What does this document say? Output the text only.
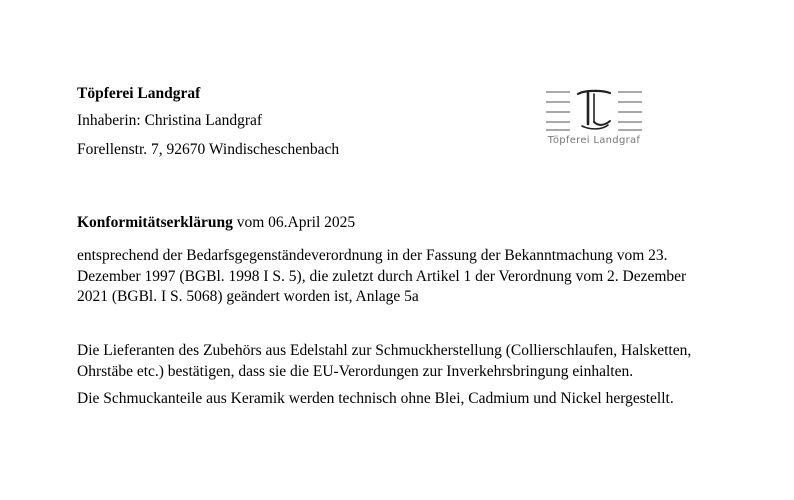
Töpferei Landgraf
Inhaberin: Christina Landgraf
Forellenstr. 7, 92670 Windischeschenbach
Töpferei Landgraf
Konformitätserklärung vom 06.April 2025
entsprechend der Bedarfsgegenständeverordnung in der Fassung der Bekanntmachung vom 23. Dezember 1997 (BGBl. 1998 I S. 5), die zuletzt durch Artikel 1 der Verordnung vom 2. Dezember 2021 (BGBl. I S. 5068) geändert worden ist, Anlage 5a
Die Lieferanten des Zubehörs aus Edelstahl zur Schmuckherstellung (Collierschlaufen, Halsketten, Ohrstäbe etc.) bestätigen, dass sie die EU-Verordungen zur Inverkehrsbringung einhalten.
Die Schmuckanteile aus Keramik werden technisch ohne Blei, Cadmium und Nickel hergestellt.
